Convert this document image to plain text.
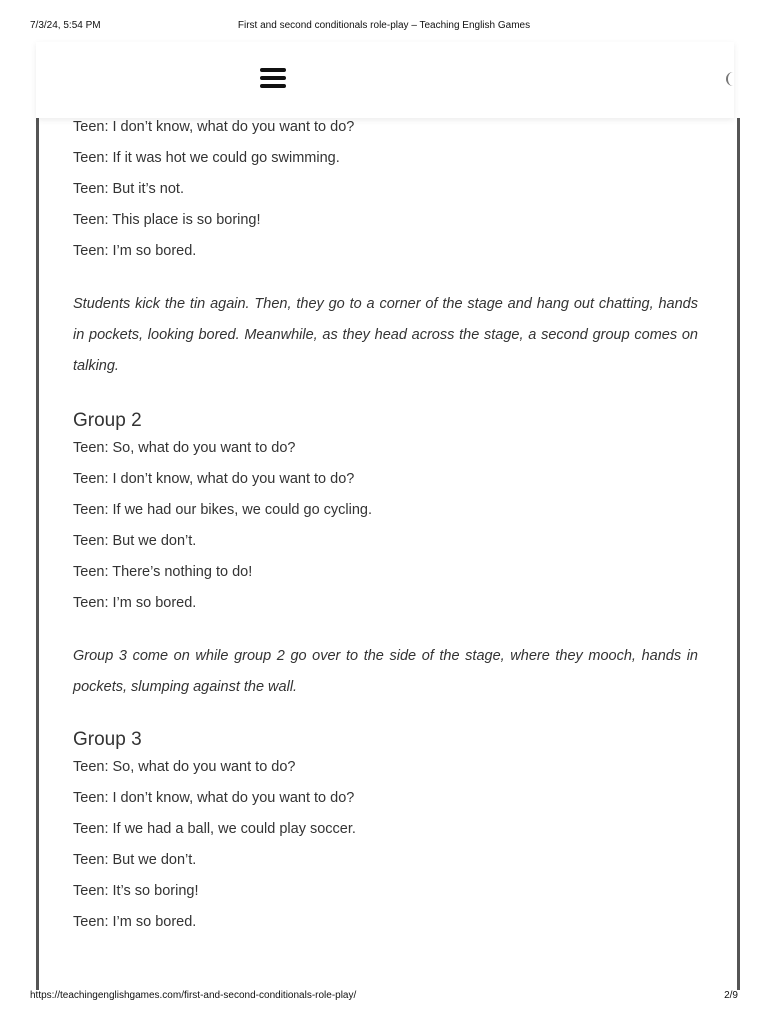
7/3/24, 5:54 PM	First and second conditionals role-play – Teaching English Games
Teen: I don’t know, what do you want to do?
Teen: If it was hot we could go swimming.
Teen: But it’s not.
Teen: This place is so boring!
Teen: I’m so bored.

Students kick the tin again. Then, they go to a corner of the stage and hang out chatting, hands in pockets, looking bored. Meanwhile, as they head across the stage, a second group comes on talking.

Group 2
Teen: So, what do you want to do?
Teen: I don’t know, what do you want to do?
Teen: If we had our bikes, we could go cycling.
Teen: But we don’t.
Teen: There’s nothing to do!
Teen: I’m so bored.

Group 3 come on while group 2 go over to the side of the stage, where they mooch, hands in pockets, slumping against the wall.

Group 3
Teen: So, what do you want to do?
Teen: I don’t know, what do you want to do?
Teen: If we had a ball, we could play soccer.
Teen: But we don’t.
Teen: It’s so boring!
Teen: I’m so bored.
https://teachingenglishgames.com/first-and-second-conditionals-role-play/	2/9
